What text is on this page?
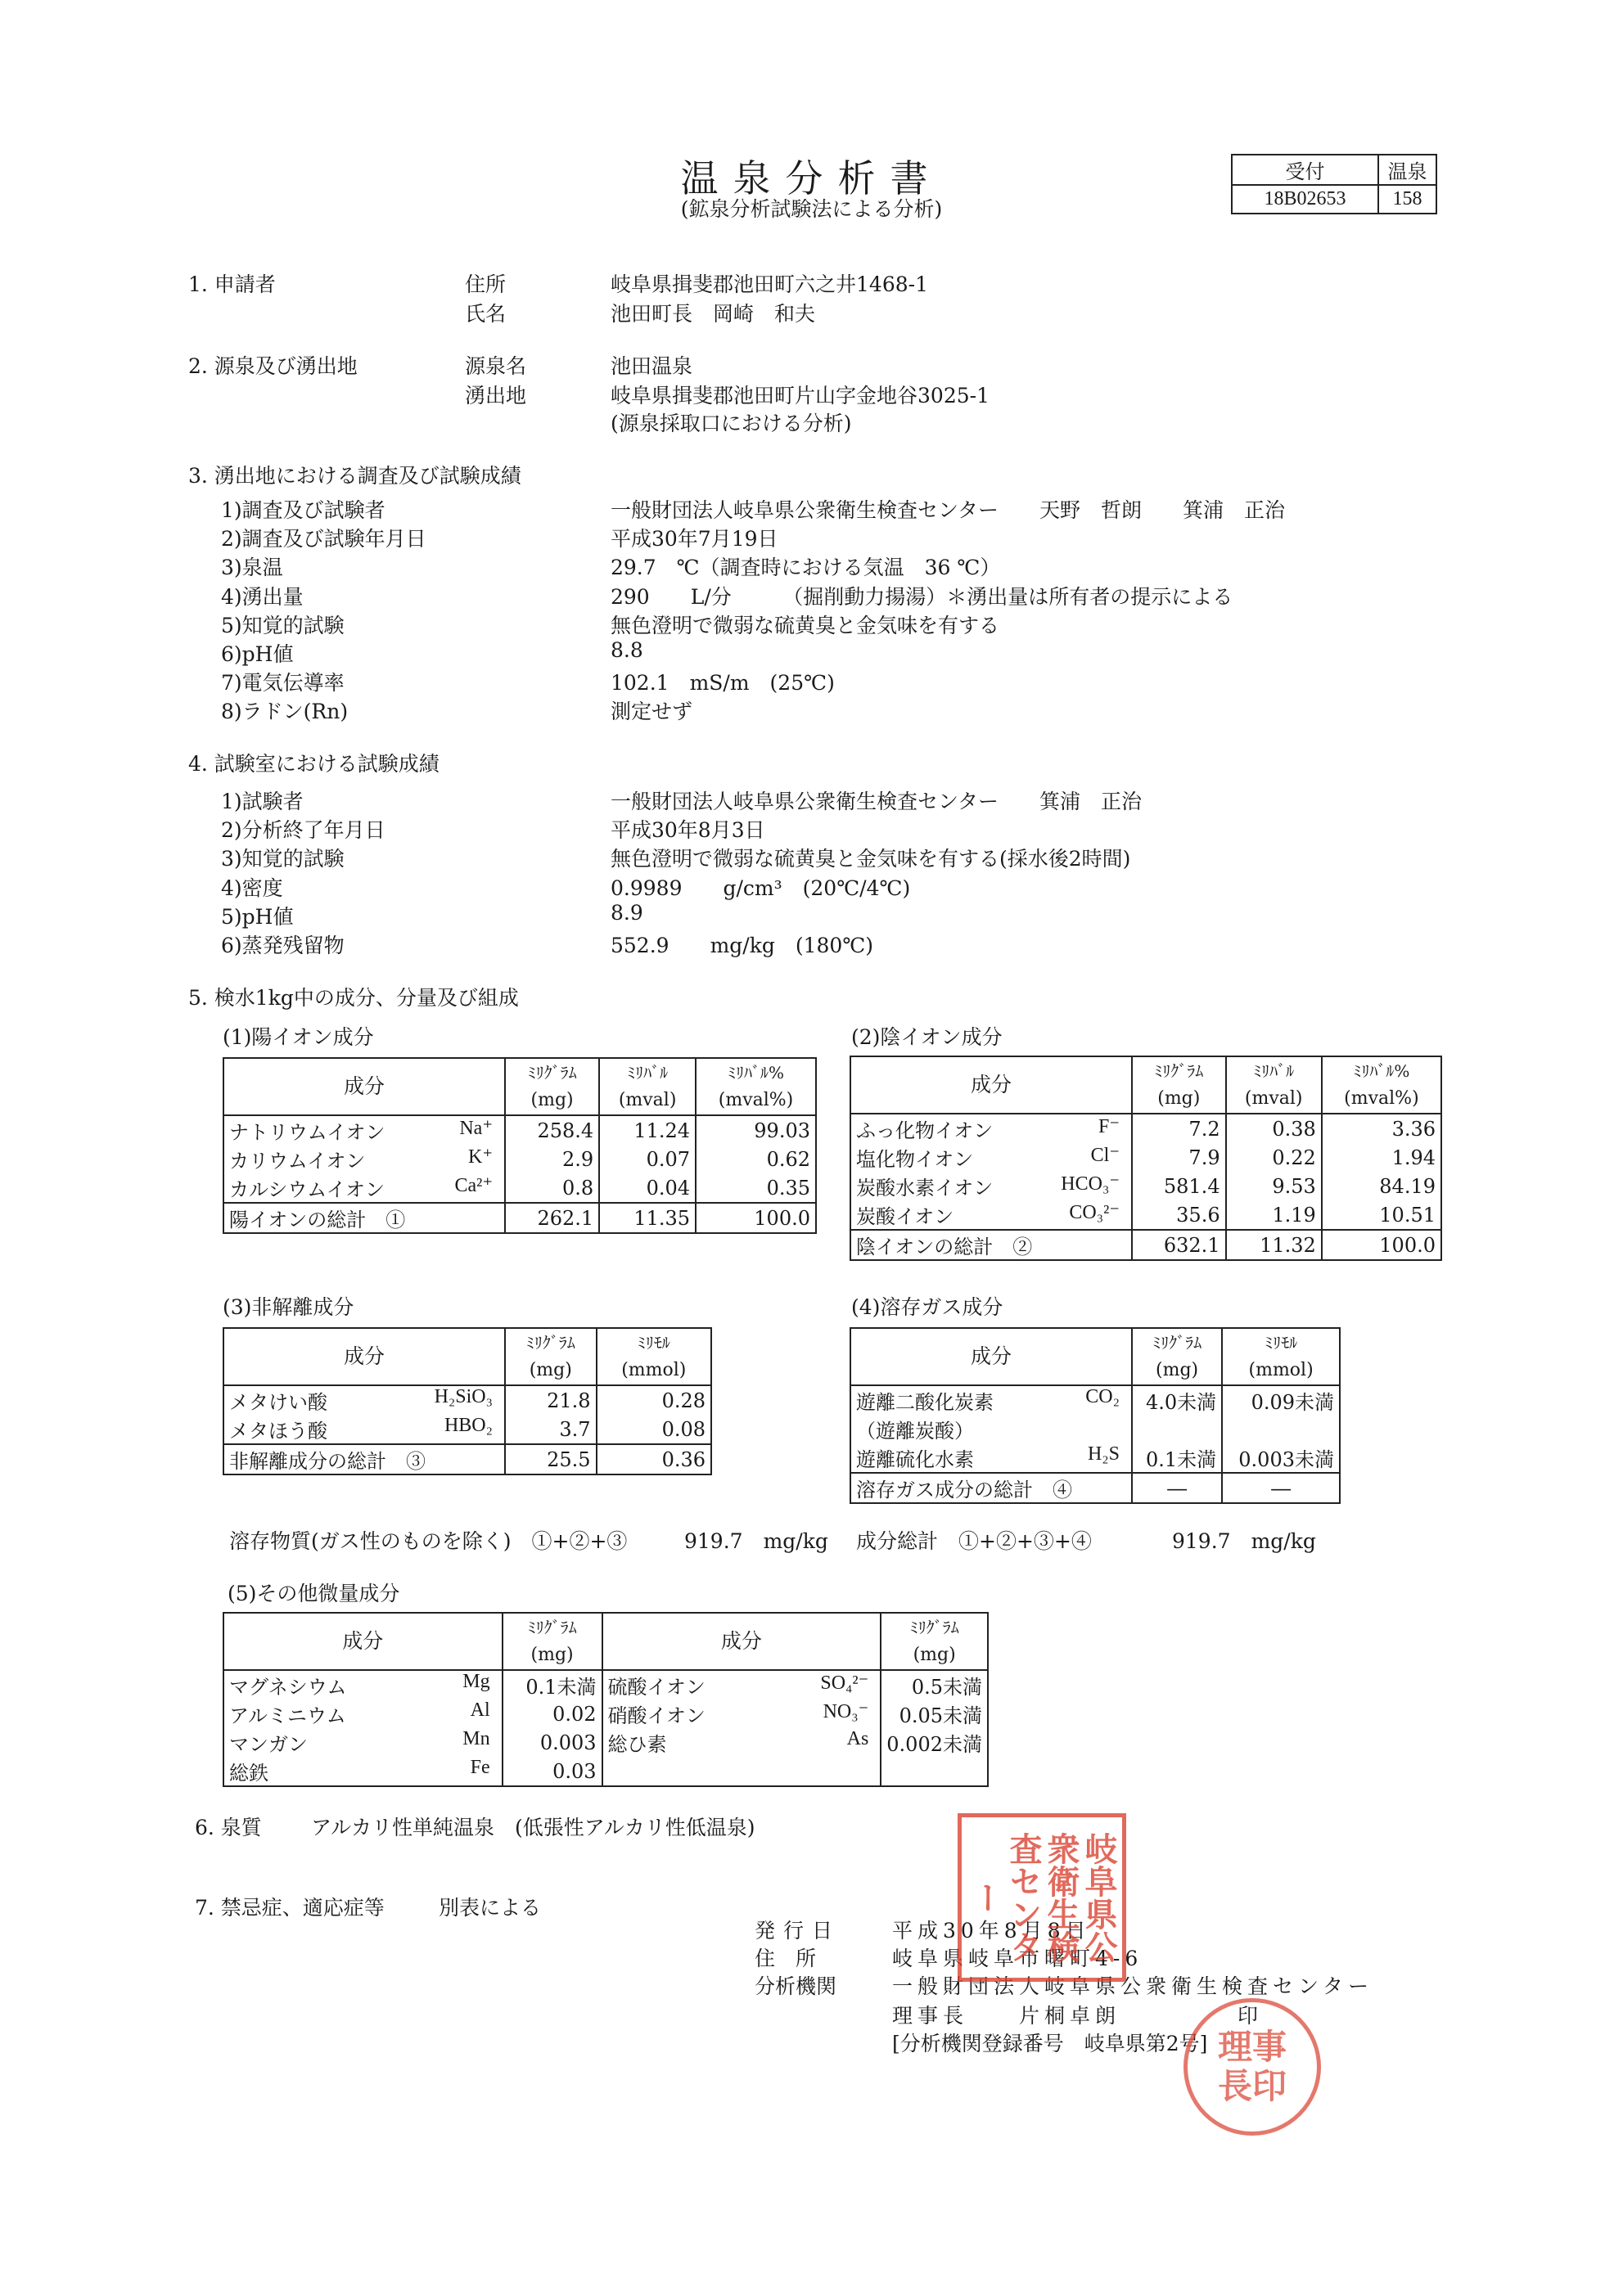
温泉分析書
(鉱泉分析試験法による分析)
受付	温泉
18B02653	158
1. 申請者	住所	岐阜県揖斐郡池田町六之井1468-1
氏名	池田町長　岡崎　和夫
2. 源泉及び湧出地	源泉名	池田温泉
湧出地	岐阜県揖斐郡池田町片山字金地谷3025-1
(源泉採取口における分析)
3. 湧出地における調査及び試験成績
1)調査及び試験者	一般財団法人岐阜県公衆衛生検査センター　　天野　哲朗　　箕浦　正治
2)調査及び試験年月日	平成30年7月19日
3)泉温	29.7　℃（調査時における気温　36 ℃）
4)湧出量	290　　L/分　　　（掘削動力揚湯）＊湧出量は所有者の提示による
5)知覚的試験	無色澄明で微弱な硫黄臭と金気味を有する
6)pH値	8.8
7)電気伝導率	102.1　mS/m　(25℃)
8)ラドン(Rn)	測定せず
4. 試験室における試験成績
1)試験者	一般財団法人岐阜県公衆衛生検査センター　　箕浦　正治
2)分析終了年月日	平成30年8月3日
3)知覚的試験	無色澄明で微弱な硫黄臭と金気味を有する(採水後2時間)
4)密度	0.9989　　g/cm³　(20℃/4℃)
5)pH値	8.9
6)蒸発残留物	552.9　　mg/kg　(180℃)
5. 検水1kg中の成分、分量及び組成
(1)陽イオン成分
成分	ﾐﾘｸﾞﾗﾑ	ﾐﾘﾊﾞﾙ	ﾐﾘﾊﾞﾙ%
	(mg)	(mval)	(mval%)

ナトリウムイオン Na⁺	258.4	11.24	99.03

カリウムイオン K⁺	2.9	0.07	0.62

カルシウムイオン Ca²⁺	0.8	0.04	0.35
陽イオンの総計　①	262.1	11.35	100.0
(2)陰イオン成分
成分	ﾐﾘｸﾞﾗﾑ	ﾐﾘﾊﾞﾙ	ﾐﾘﾊﾞﾙ%
	(mg)	(mval)	(mval%)

ふっ化物イオン F⁻	7.2	0.38	3.36

塩化物イオン Cl⁻	7.9	0.22	1.94

炭酸水素イオン HCO₃⁻	581.4	9.53	84.19

炭酸イオン CO₃²⁻	35.6	1.19	10.51
陰イオンの総計　②	632.1	11.32	100.0
(3)非解離成分
成分	ﾐﾘｸﾞﾗﾑ	ﾐﾘﾓﾙ
	(mg)	(mmol)

メタけい酸 H₂SiO₃	21.8	0.28

メタほう酸 HBO₂	3.7	0.08
非解離成分の総計　③	25.5	0.36
(4)溶存ガス成分
成分	ﾐﾘｸﾞﾗﾑ	ﾐﾘﾓﾙ
	(mg)	(mmol)

遊離二酸化炭素 CO₂	4.0未満	0.09未満

（遊離炭酸）		

遊離硫化水素 H₂S	0.1未満	0.003未満
溶存ガス成分の総計　④	―	―
溶存物質(ガス性のものを除く)　①+②+③	919.7　mg/kg 成分総計　①+②+③+④	919.7　mg/kg
(5)その他微量成分
成分	ﾐﾘｸﾞﾗﾑ	成分	ﾐﾘｸﾞﾗﾑ
	(mg)		(mg)

マグネシウム Mg	0.1未満	硫酸イオン SO₄²⁻	0.5未満

アルミニウム Al	0.02	硝酸イオン NO₃⁻	0.05未満

マンガン Mn	0.003	総ひ素 As	0.002未満

総鉄 Fe	0.03	

6. 泉質 アルカリ性単純温泉　(低張性アルカリ性低温泉)
7. 禁忌症、適応症等	別表による
発行日	平成30年8月8日
住　所	岐阜県岐阜市曙町4-6
分析機関	一般財団法人岐阜県公衆衛生検査センター
理事長　　片桐卓朗	印
[分析機関登録番号　岐阜県第2号]
岐阜県公衆衛生検査センター
理事
長印
